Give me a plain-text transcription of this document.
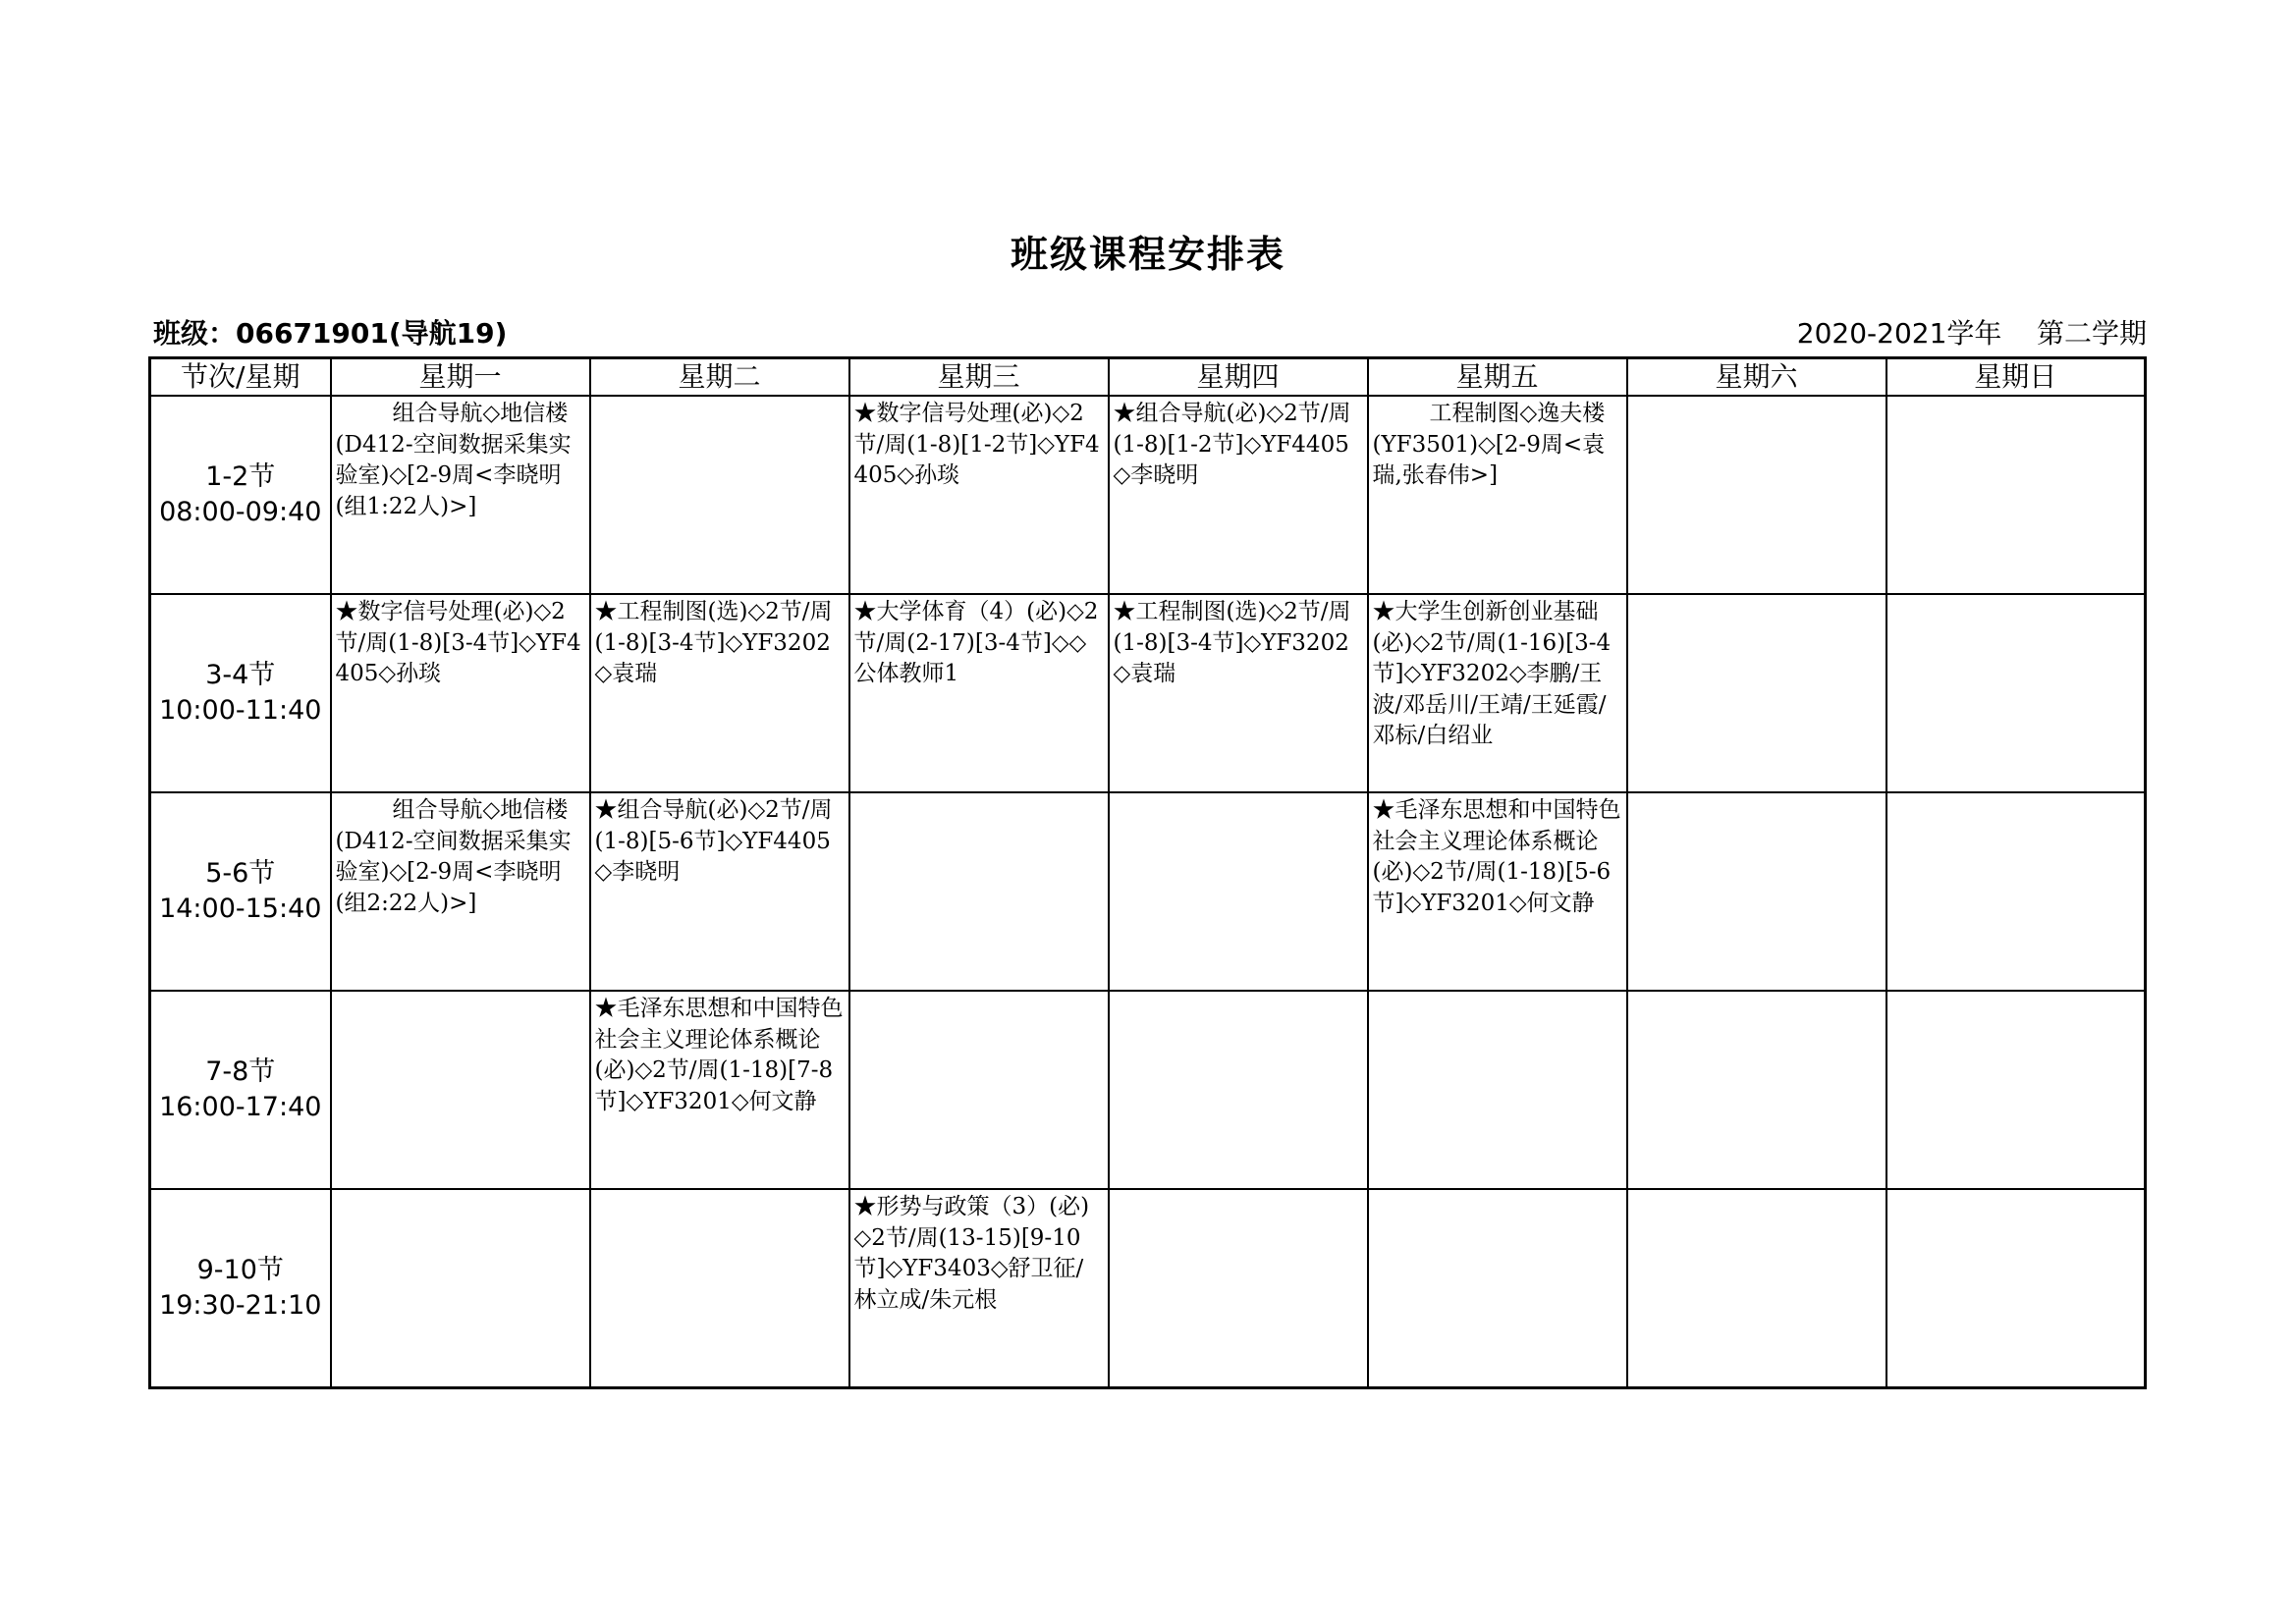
班级课程安排表
班级：06671901(导航19)	2020-2021学年    第二学期
节次/星期	星期一	星期二	星期三	星期四	星期五	星期六	星期日

1-2节
08:00-09:40	组合导航◇地信楼(D412-空间数据采集实验室)◇[2-9周<李晓明(组1:22人)>]		★数字信号处理(必)◇2节/周(1-8)[1-2节]◇YF4405◇孙琰	★组合导航(必)◇2节/周(1-8)[1-2节]◇YF4405◇李晓明	工程制图◇逸夫楼(YF3501)◇[2-9周<袁瑞,张春伟>]		

3-4节
10:00-11:40	★数字信号处理(必)◇2节/周(1-8)[3-4节]◇YF4405◇孙琰	★工程制图(选)◇2节/周(1-8)[3-4节]◇YF3202◇袁瑞	★大学体育（4）(必)◇2节/周(2-17)[3-4节]◇◇公体教师1	★工程制图(选)◇2节/周(1-8)[3-4节]◇YF3202◇袁瑞	★大学生创新创业基础(必)◇2节/周(1-16)[3-4节]◇YF3202◇李鹏/王波/邓岳川/王靖/王延霞/邓标/白绍业		

5-6节
14:00-15:40	组合导航◇地信楼(D412-空间数据采集实验室)◇[2-9周<李晓明(组2:22人)>]	★组合导航(必)◇2节/周(1-8)[5-6节]◇YF4405◇李晓明			★毛泽东思想和中国特色社会主义理论体系概论(必)◇2节/周(1-18)[5-6节]◇YF3201◇何文静		

7-8节
16:00-17:40		★毛泽东思想和中国特色社会主义理论体系概论(必)◇2节/周(1-18)[7-8节]◇YF3201◇何文静					

9-10节
19:30-21:10			★形势与政策（3）(必)◇2节/周(13-15)[9-10节]◇YF3403◇舒卫征/林立成/朱元根				
